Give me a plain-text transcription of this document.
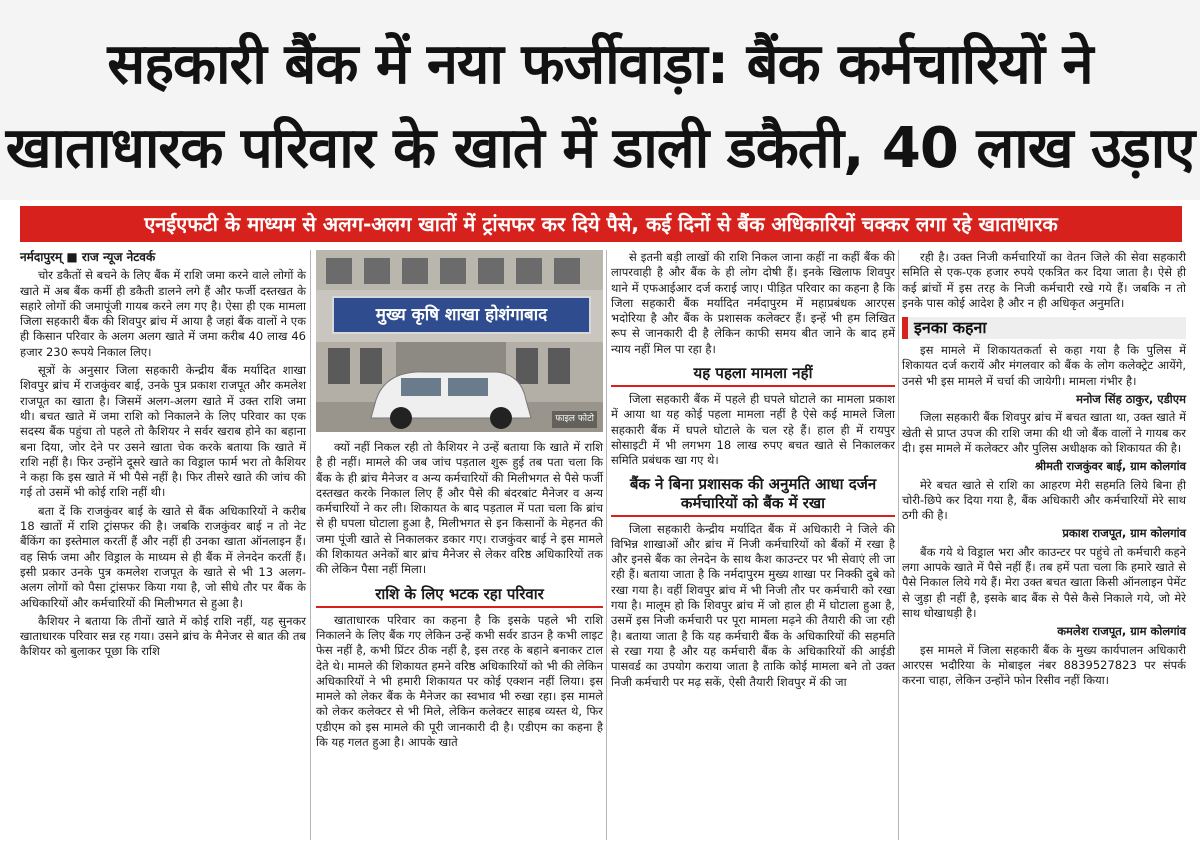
सहकारी बैंक में नया फर्जीवाड़ा: बैंक कर्मचारियों ने
खाताधारक परिवार के खाते में डाली डकैती, 40 लाख उड़ाए
एनईएफटी के माध्यम से अलग-अलग खातों में ट्रांसफर कर दिये पैसे, कई दिनों से बैंक अधिकारियों चक्कर लगा रहे खाताधारक
नर्मदापुरम् ■ राज न्यूज नेटवर्क

चोर डकैतों से बचने के लिए बैंक में राशि जमा करने वाले लोगों के खाते में अब बैंक कर्मी ही डकैती डालने लगे हैं और फर्जी दस्तखत के सहारे लोगों की जमापूंजी गायब करने लग गए है। ऐसा ही एक मामला जिला सहकारी बैंक की शिवपुर ब्रांच में आया है जहां बैंक वालों ने एक ही किसान परिवार के अलग अलग खाते में जमा करीब 40 लाख 46 हजार 230 रूपये निकाल लिए।

सूत्रों के अनुसार जिला सहकारी केन्द्रीय बैंक मर्यादित शाखा शिवपुर ब्रांच में राजकुंवर बाई, उनके पुत्र प्रकाश राजपूत और कमलेश राजपूत का खाता है। जिसमें अलग-अलग खाते में उक्त राशि जमा थी। बचत खाते में जमा राशि को निकालने के लिए परिवार का एक सदस्य बैंक पहुंचा तो पहले तो कैशियर ने सर्वर खराब होने का बहाना बना दिया, जोर देने पर उसने खाता चेक करके बताया कि खाते में राशि नहीं है। फिर उन्होंने दूसरे खाते का विड्राल फार्म भरा तो कैशियर ने कहा कि इस खाते में भी पैसे नहीं है। फिर तीसरे खाते की जांच की गई तो उसमें भी कोई राशि नहीं थी।

बता दें कि राजकुंवर बाई के खाते से बैंक अधिकारियों ने करीब 18 खातों में राशि ट्रांसफर की है। जबकि राजकुंवर बाई न तो नेट बैंकिंग का इस्तेमाल करतीं हैं और नहीं ही उनका खाता ऑनलाइन हैं। वह सिर्फ जमा और विड्राल के माध्यम से ही बैंक में लेनदेन करतीं हैं। इसी प्रकार उनके पुत्र कमलेश राजपूत के खाते से भी 13 अलग-अलग लोगों को पैसा ट्रांसफर किया गया है, जो सीधे तौर पर बैंक के अधिकारियों और कर्मचारियों की मिलीभगत से हुआ है।

कैशियर ने बताया कि तीनों खाते में कोई राशि नहीं, यह सुनकर खाताधारक परिवार सन्न रह गया। उसने ब्रांच के मैनेजर से बात की तब कैशियर को बुलाकर पूछा कि राशि

मुख्य कृषि शाखा होशंगाबाद
फाइल फोटो

क्यों नहीं निकल रही तो कैशियर ने उन्हें बताया कि खाते में राशि है ही नहीं। मामले की जब जांच पड़ताल शुरू हुई तब पता चला कि बैंक के ही ब्रांच मैनेजर व अन्य कर्मचारियों की मिलीभगत से पैसे फर्जी दस्तखत करके निकाल लिए हैं और पैसे की बंदरबांट मैनेजर व अन्य कर्मचारियों ने कर ली। शिकायत के बाद पड़ताल में पता चला कि ब्रांच से ही घपला घोटाला हुआ है, मिलीभगत से इन किसानों के मेहनत की जमा पूंजी खाते से निकालकर डकार गए। राजकुंवर बाई ने इस मामले की शिकायत अनेकों बार ब्रांच मैनेजर से लेकर वरिष्ठ अधिकारियों तक की लेकिन पैसा नहीं मिला।

राशि के लिए भटक रहा परिवार

खाताधारक परिवार का कहना है कि इसके पहले भी राशि निकालने के लिए बैंक गए लेकिन उन्हें कभी सर्वर डाउन है कभी लाइट फेस नहीं है, कभी प्रिंटर ठीक नहीं है, इस तरह के बहाने बनाकर टाल देते थे। मामले की शिकायत हमने वरिष्ठ अधिकारियों को भी की लेकिन अधिकारियों ने भी हमारी शिकायत पर कोई एक्शन नहीं लिया। इस मामले को लेकर बैंक के मैनेजर का स्वभाव भी रुखा रहा। इस मामले को लेकर कलेक्टर से भी मिले, लेकिन कलेक्टर साहब व्यस्त थे, फिर एडीएम को इस मामले की पूरी जानकारी दी है। एडीएम का कहना है कि यह गलत हुआ है। आपके खाते

से इतनी बड़ी लाखों की राशि निकल जाना कहीं ना कहीं बैंक की लापरवाही है और बैंक के ही लोग दोषी हैं। इनके खिलाफ शिवपुर थाने में एफआईआर दर्ज कराई जाए। पीड़ित परिवार का कहना है कि जिला सहकारी बैंक मर्यादित नर्मदापुरम में महाप्रबंधक आरएस भदोरिया है और बैंक के प्रशासक कलेक्टर हैं। इन्हें भी हम लिखित रूप से जानकारी दी है लेकिन काफी समय बीत जाने के बाद हमें न्याय नहीं मिल पा रहा है।

यह पहला मामला नहीं

जिला सहकारी बैंक में पहले ही घपले घोटाले का मामला प्रकाश में आया था यह कोई पहला मामला नहीं है ऐसे कई मामले जिला सहकारी बैंक में घपले घोटाले के चल रहे हैं। हाल ही में रायपुर सोसाइटी में भी लगभग 18 लाख रुपए बचत खाते से निकालकर समिति प्रबंधक खा गए थे।

बैंक ने बिना प्रशासक की अनुमति आधा दर्जन कर्मचारियों को बैंक में रखा

जिला सहकारी केन्द्रीय मर्यादित बैंक में अधिकारी ने जिले की विभिन्न शाखाओं और ब्रांच में निजी कर्मचारियों को बैंकों में रखा है और इनसे बैंक का लेनदेन के साथ कैश काउन्टर पर भी सेवाएं ली जा रही हैं। बताया जाता है कि नर्मदापुरम मुख्य शाखा पर निक्की दुबे को रखा गया है। वहीं शिवपुर ब्रांच में भी निजी तौर पर कर्मचारी को रखा गया है। मालूम हो कि शिवपुर ब्रांच में जो हाल ही में घोटाला हुआ है, उसमें इस निजी कर्मचारी पर पूरा मामला मढ़ने की तैयारी की जा रही है। बताया जाता है कि यह कर्मचारी बैंक के अधिकारियों की सहमति से रखा गया है और यह कर्मचारी बैंक के अधिकारियों की आईडी पासवर्ड का उपयोग कराया जाता है ताकि कोई मामला बने तो उक्त निजी कर्मचारी पर मढ़ सकें, ऐसी तैयारी शिवपुर में की जा

रही है। उक्त निजी कर्मचारियों का वेतन जिले की सेवा सहकारी समिति से एक-एक हजार रुपये एकत्रित कर दिया जाता है। ऐसे ही कई ब्रांचों में इस तरह के निजी कर्मचारी रखे गये हैं। जबकि न तो इनके पास कोई आदेश है और न ही अधिकृत अनुमति।

इनका कहना

इस मामले में शिकायतकर्ता से कहा गया है कि पुलिस में शिकायत दर्ज करायें और मंगलवार को बैंक के लोग कलेक्ट्रेट आयेंगे, उनसे भी इस मामले में चर्चा की जायेगी। मामला गंभीर है।

मनोज सिंह ठाकुर, एडीएम

जिला सहकारी बैंक शिवपुर ब्रांच में बचत खाता था, उक्त खाते में खेती से प्राप्त उपज की राशि जमा की थी जो बैंक वालों ने गायब कर दी। इस मामले में कलेक्टर और पुलिस अधीक्षक को शिकायत की है।

श्रीमती राजकुंवर बाई, ग्राम कोलगांव

मेरे बचत खाते से राशि का आहरण मेरी सहमति लिये बिना ही चोरी-छिपे कर दिया गया है, बैंक अधिकारी और कर्मचारियों मेरे साथ ठगी की है।

प्रकाश राजपूत, ग्राम कोलगांव

बैंक गये थे विड्राल भरा और काउन्टर पर पहुंचे तो कर्मचारी कहने लगा आपके खाते में पैसे नहीं हैं। तब हमें पता चला कि हमारे खाते से पैसे निकाल लिये गये हैं। मेरा उक्त बचत खाता किसी ऑनलाइन पेमेंट से जुड़ा ही नहीं है, इसके बाद बैंक से पैसे कैसे निकाले गये, जो मेरे साथ धोखाधड़ी है।

कमलेश राजपूत, ग्राम कोलगांव

इस मामले में जिला सहकारी बैंक के मुख्य कार्यपालन अधिकारी आरएस भदौरिया के मोबाइल नंबर 8839527823 पर संपर्क करना चाहा, लेकिन उन्होंने फोन रिसीव नहीं किया।
